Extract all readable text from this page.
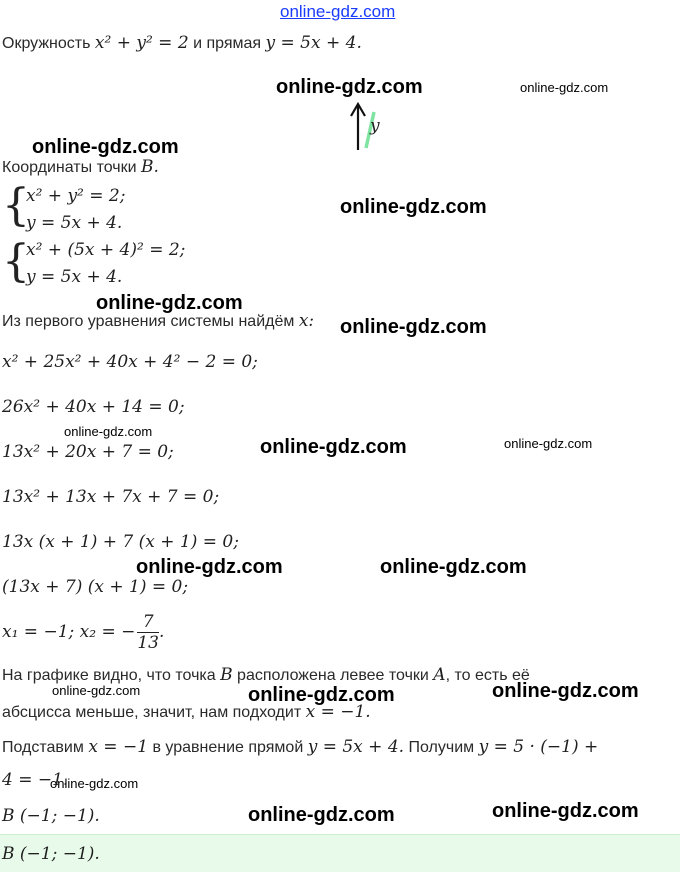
online-gdz.com
online-gdz.com	online-gdz.com
online-gdz.com
online-gdz.com
online-gdz.com
online-gdz.com
online-gdz.com
online-gdz.com	online-gdz.com
online-gdz.com	online-gdz.com
online-gdz.com	online-gdz.com	online-gdz.com
online-gdz.com
online-gdz.com	online-gdz.com
Окружность x² + y² = 2 и прямая y = 5x + 4.
y
Координаты точки B.
{
x² + y² = 2;
y = 5x + 4.
{
x² + (5x + 4)² = 2;
y = 5x + 4.
Из первого уравнения системы найдём x:
x² + 25x² + 40x + 4² − 2 = 0;
26x² + 40x + 14 = 0;
13x² + 20x + 7 = 0;
13x² + 13x + 7x + 7 = 0;
13x (x + 1) + 7 (x + 1) = 0;
(13x + 7) (x + 1) = 0;
x₁ = −1; x₂ = − $\frac{7}{13}$ .
На графике видно, что точка B расположена левее точки A, то есть её
абсцисса меньше, значит, нам подходит x = −1.
Подставим x = −1 в уравнение прямой y = 5x + 4. Получим y = 5 · (−1) +
4 = −1.
B (−1; −1).
B (−1; −1).
